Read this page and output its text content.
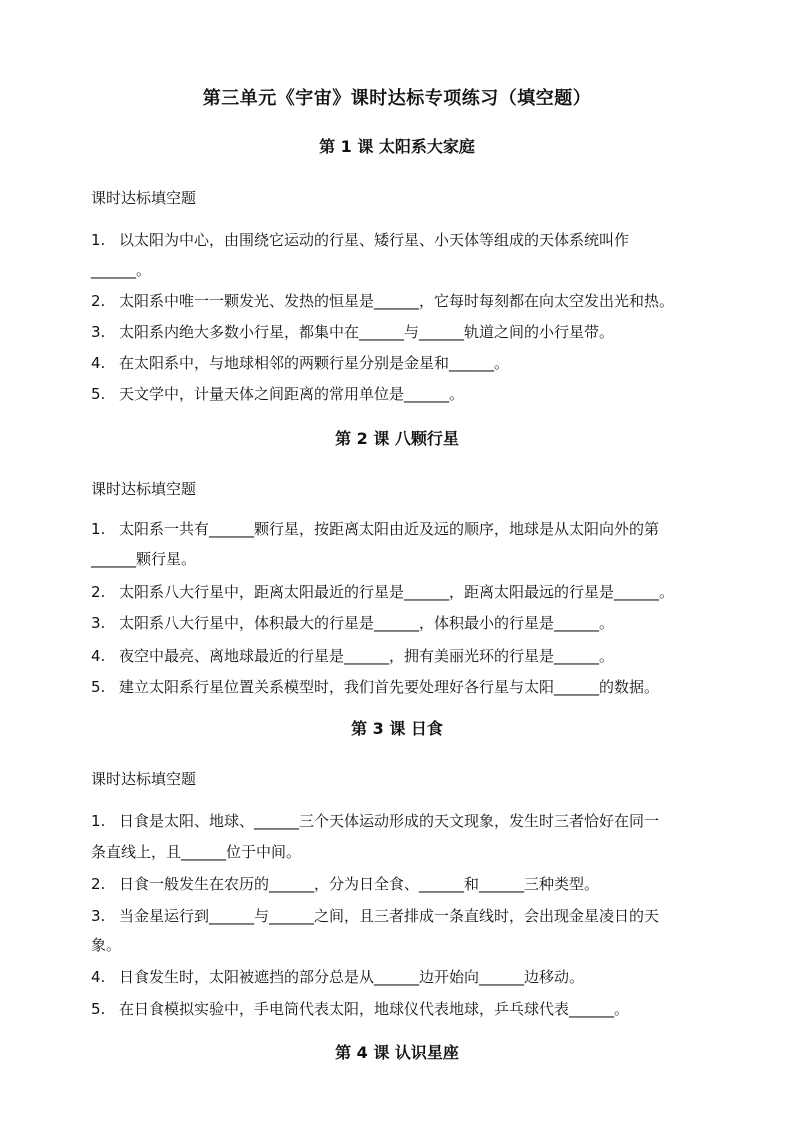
第三单元《宇宙》课时达标专项练习（填空题）
第 1 课 太阳系大家庭
课时达标填空题
1. 以太阳为中心，由围绕它运动的行星、矮行星、小天体等组成的天体系统叫作
______。
2. 太阳系中唯一一颗发光、发热的恒星是______，它每时每刻都在向太空发出光和热。
3. 太阳系内绝大多数小行星，都集中在______与______轨道之间的小行星带。
4. 在太阳系中，与地球相邻的两颗行星分别是金星和______。
5. 天文学中，计量天体之间距离的常用单位是______。
第 2 课 八颗行星
课时达标填空题
1. 太阳系一共有______颗行星，按距离太阳由近及远的顺序，地球是从太阳向外的第
______颗行星。
2. 太阳系八大行星中，距离太阳最近的行星是______，距离太阳最远的行星是______。
3. 太阳系八大行星中，体积最大的行星是______，体积最小的行星是______。
4. 夜空中最亮、离地球最近的行星是______，拥有美丽光环的行星是______。
5. 建立太阳系行星位置关系模型时，我们首先要处理好各行星与太阳______的数据。
第 3 课 日食
课时达标填空题
1. 日食是太阳、地球、______三个天体运动形成的天文现象，发生时三者恰好在同一
条直线上，且______位于中间。
2. 日食一般发生在农历的______，分为日全食、______和______三种类型。
3. 当金星运行到______与______之间，且三者排成一条直线时，会出现金星凌日的天
象。
4. 日食发生时，太阳被遮挡的部分总是从______边开始向______边移动。
5. 在日食模拟实验中，手电筒代表太阳，地球仪代表地球，乒乓球代表______。
第 4 课 认识星座
